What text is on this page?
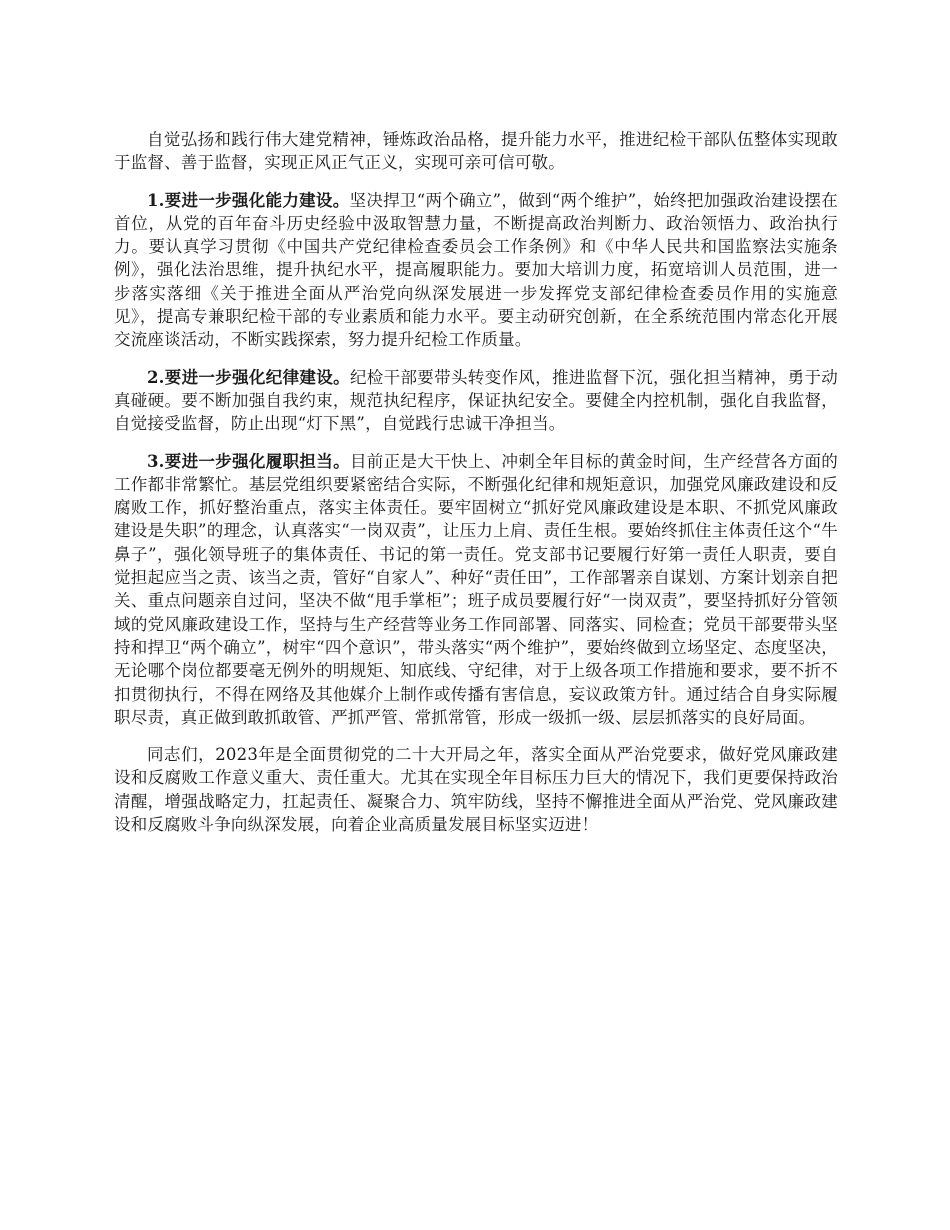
自觉弘扬和践行伟大建党精神，锤炼政治品格，提升能力水平，推进纪检干部队伍整体实现敢于监督、善于监督，实现正风正气正义，实现可亲可信可敬。

1.要进一步强化能力建设。坚决捍卫“两个确立”，做到“两个维护”，始终把加强政治建设摆在首位，从党的百年奋斗历史经验中汲取智慧力量，不断提高政治判断力、政治领悟力、政治执行力。要认真学习贯彻《中国共产党纪律检查委员会工作条例》和《中华人民共和国监察法实施条例》，强化法治思维，提升执纪水平，提高履职能力。要加大培训力度，拓宽培训人员范围，进一步落实落细《关于推进全面从严治党向纵深发展进一步发挥党支部纪律检查委员作用的实施意见》，提高专兼职纪检干部的专业素质和能力水平。要主动研究创新，在全系统范围内常态化开展交流座谈活动，不断实践探索，努力提升纪检工作质量。

2.要进一步强化纪律建设。纪检干部要带头转变作风，推进监督下沉，强化担当精神，勇于动真碰硬。要不断加强自我约束，规范执纪程序，保证执纪安全。要健全内控机制，强化自我监督，自觉接受监督，防止出现“灯下黑”，自觉践行忠诚干净担当。

3.要进一步强化履职担当。目前正是大干快上、冲刺全年目标的黄金时间，生产经营各方面的工作都非常繁忙。基层党组织要紧密结合实际，不断强化纪律和规矩意识，加强党风廉政建设和反腐败工作，抓好整治重点，落实主体责任。要牢固树立“抓好党风廉政建设是本职、不抓党风廉政建设是失职”的理念，认真落实“一岗双责”，让压力上肩、责任生根。要始终抓住主体责任这个“牛鼻子”，强化领导班子的集体责任、书记的第一责任。党支部书记要履行好第一责任人职责，要自觉担起应当之责、该当之责，管好“自家人”、种好“责任田”，工作部署亲自谋划、方案计划亲自把关、重点问题亲自过问，坚决不做“甩手掌柜”；班子成员要履行好“一岗双责”，要坚持抓好分管领域的党风廉政建设工作，坚持与生产经营等业务工作同部署、同落实、同检查；党员干部要带头坚持和捍卫“两个确立”，树牢“四个意识”，带头落实“两个维护”，要始终做到立场坚定、态度坚决，无论哪个岗位都要毫无例外的明规矩、知底线、守纪律，对于上级各项工作措施和要求，要不折不扣贯彻执行，不得在网络及其他媒介上制作或传播有害信息，妄议政策方针。通过结合自身实际履职尽责，真正做到敢抓敢管、严抓严管、常抓常管，形成一级抓一级、层层抓落实的良好局面。

同志们，2023年是全面贯彻党的二十大开局之年，落实全面从严治党要求，做好党风廉政建设和反腐败工作意义重大、责任重大。尤其在实现全年目标压力巨大的情况下，我们更要保持政治清醒，增强战略定力，扛起责任、凝聚合力、筑牢防线，坚持不懈推进全面从严治党、党风廉政建设和反腐败斗争向纵深发展，向着企业高质量发展目标坚实迈进！
